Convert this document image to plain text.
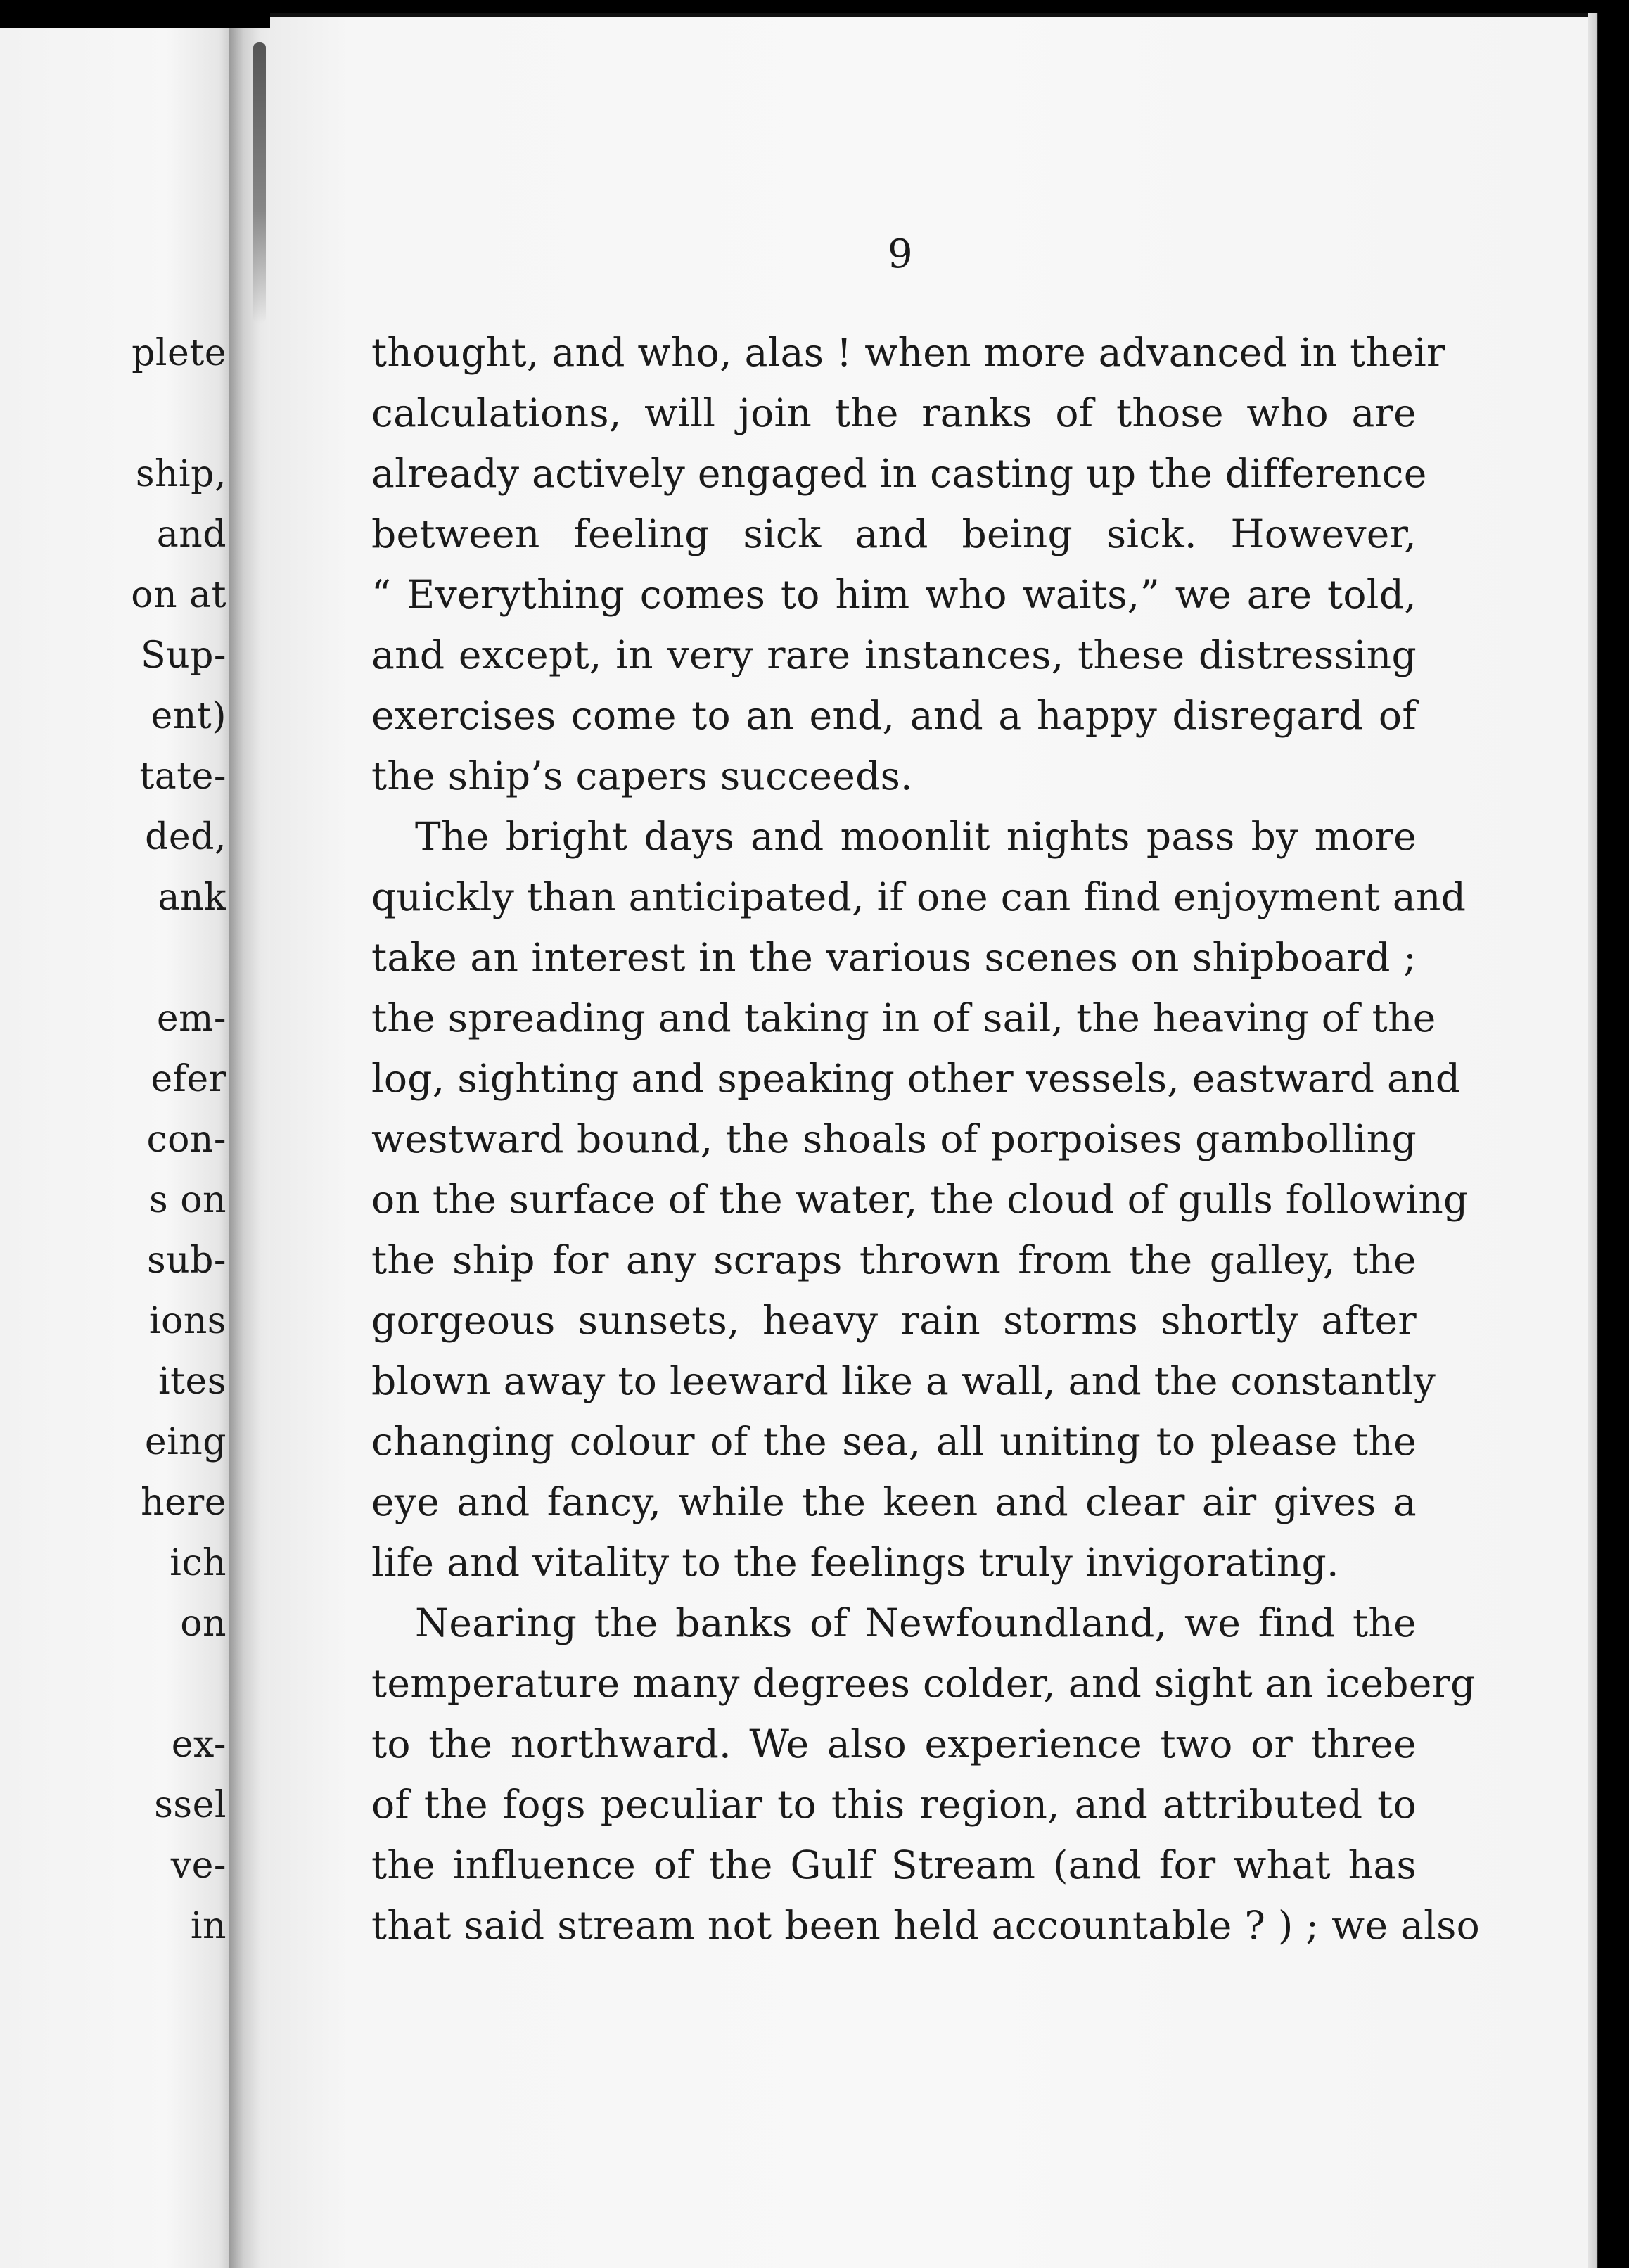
plete
ship,
and
on at
Sup-
ent)
tate-
ded,
ank
em-
efer
con-
s on
sub-
ions
ites
eing
here
ich
on
ex-
ssel
ve-
in
9
thought, and who, alas ! when more advanced in their
calculations, will join the ranks of those who are
already actively engaged in casting up the difference
between feeling sick and being sick. However,
“ Everything comes to him who waits,” we are told,
and except, in very rare instances, these distressing
exercises come to an end, and a happy disregard of
the ship’s capers succeeds.
The bright days and moonlit nights pass by more
quickly than anticipated, if one can find enjoyment and
take an interest in the various scenes on shipboard ;
the spreading and taking in of sail, the heaving of the
log, sighting and speaking other vessels, eastward and
westward bound, the shoals of porpoises gambolling
on the surface of the water, the cloud of gulls following
the ship for any scraps thrown from the galley, the
gorgeous sunsets, heavy rain storms shortly after
blown away to leeward like a wall, and the constantly
changing colour of the sea, all uniting to please the
eye and fancy, while the keen and clear air gives a
life and vitality to the feelings truly invigorating.
Nearing the banks of Newfoundland, we find the
temperature many degrees colder, and sight an iceberg
to the northward. We also experience two or three
of the fogs peculiar to this region, and attributed to
the influence of the Gulf Stream (and for what has
that said stream not been held accountable ? ) ; we also
